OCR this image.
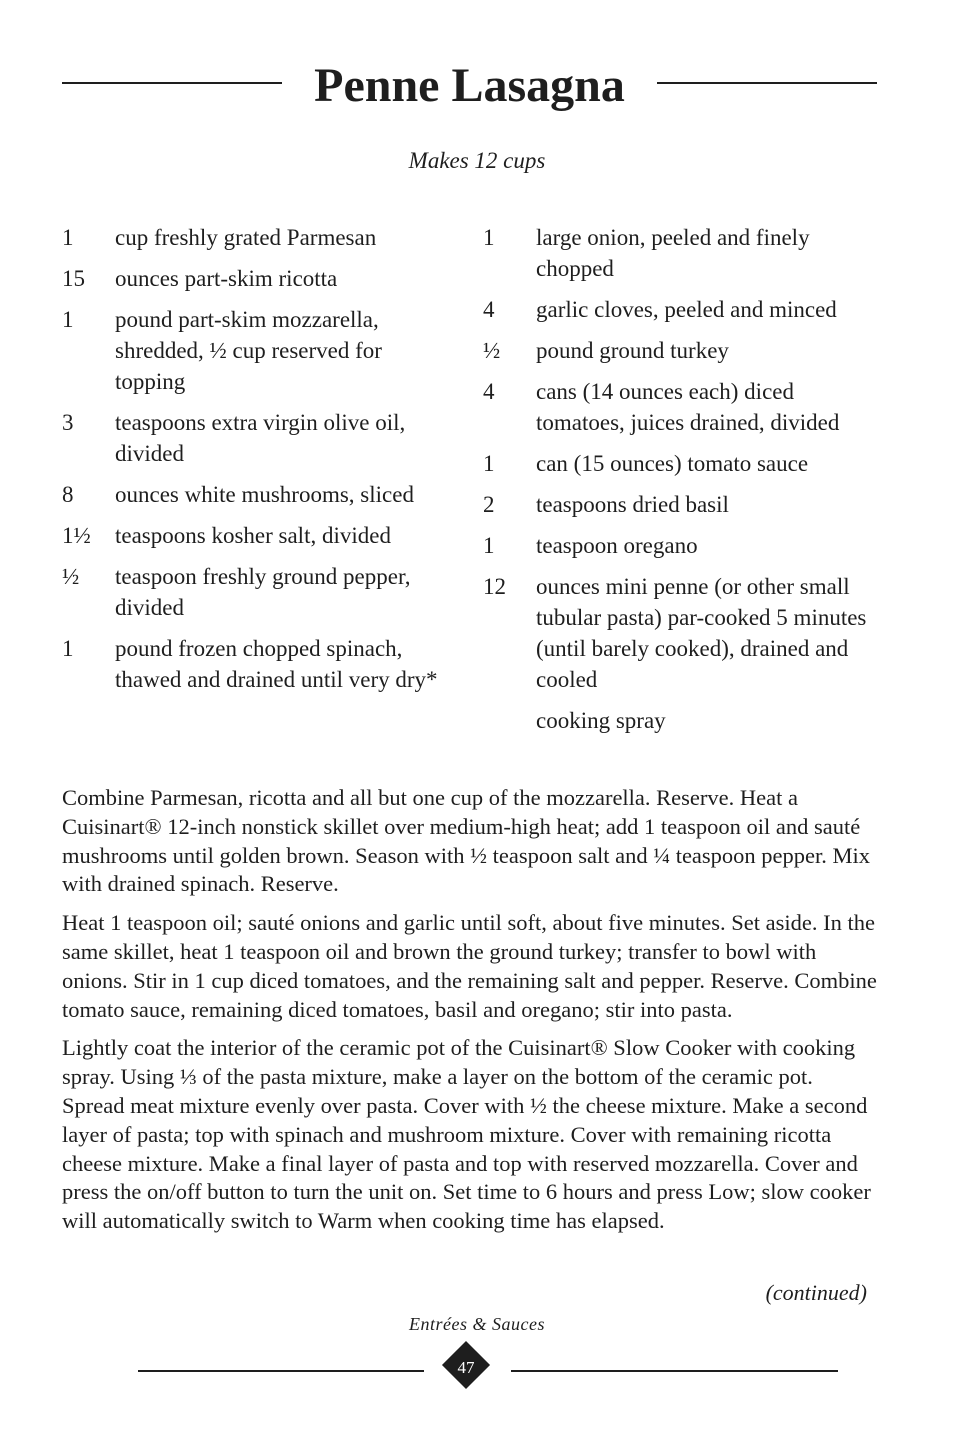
Penne Lasagna
Makes 12 cups
1 cup freshly grated Parmesan
15 ounces part-skim ricotta
1 pound part-skim mozzarella, shredded, ½ cup reserved for topping
3 teaspoons extra virgin olive oil, divided
8 ounces white mushrooms, sliced
1½ teaspoons kosher salt, divided
½ teaspoon freshly ground pepper, divided
1 pound frozen chopped spinach, thawed and drained until very dry*
1 large onion, peeled and finely chopped
4 garlic cloves, peeled and minced
½ pound ground turkey
4 cans (14 ounces each) diced tomatoes, juices drained, divided
1 can (15 ounces) tomato sauce
2 teaspoons dried basil
1 teaspoon oregano
12 ounces mini penne (or other small tubular pasta) par-cooked 5 minutes (until barely cooked), drained and cooled
cooking spray

Combine Parmesan, ricotta and all but one cup of the mozzarella. Reserve. Heat a Cuisinart® 12-inch nonstick skillet over medium-high heat; add 1 teaspoon oil and sauté mushrooms until golden brown. Season with ½ teaspoon salt and ¼ teaspoon pepper. Mix with drained spinach. Reserve.

Heat 1 teaspoon oil; sauté onions and garlic until soft, about five minutes. Set aside. In the same skillet, heat 1 teaspoon oil and brown the ground turkey; transfer to bowl with onions. Stir in 1 cup diced tomatoes, and the remaining salt and pepper. Reserve. Combine tomato sauce, remaining diced tomatoes, basil and oregano; stir into pasta.

Lightly coat the interior of the ceramic pot of the Cuisinart® Slow Cooker with cooking spray. Using ⅓ of the pasta mixture, make a layer on the bottom of the ceramic pot. Spread meat mixture evenly over pasta. Cover with ½ the cheese mixture. Make a second layer of pasta; top with spinach and mushroom mixture. Cover with remaining ricotta cheese mixture. Make a final layer of pasta and top with reserved mozzarella. Cover and press the on/off button to turn the unit on. Set time to 6 hours and press Low; slow cooker will automatically switch to Warm when cooking time has elapsed.

(continued)
Entrées & Sauces
47
